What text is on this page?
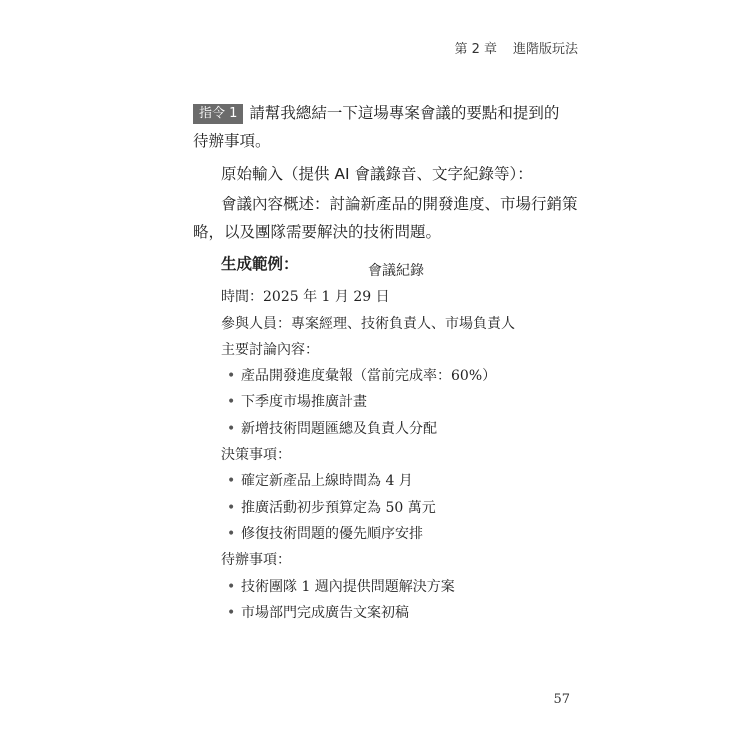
第 2 章 進階版玩法

指令 1 請幫我總結一下這場專案會議的要點和提到的

待辦事項。

原始輸入（提供 AI 會議錄音、文字紀錄等）：

會議內容概述：討論新產品的開發進度、市場行銷策

略，以及團隊需要解決的技術問題。

生成範例：	會議紀錄
時間：2025 年 1 月 29 日
參與人員：專案經理、技術負責人、市場負責人
主要討論內容：
• 產品開發進度彙報（當前完成率：60%）
• 下季度市場推廣計畫
• 新增技術問題匯總及負責人分配
決策事項：
• 確定新產品上線時間為 4 月
• 推廣活動初步預算定為 50 萬元
• 修復技術問題的優先順序安排
待辦事項：
• 技術團隊 1 週內提供問題解決方案
• 市場部門完成廣告文案初稿
57
